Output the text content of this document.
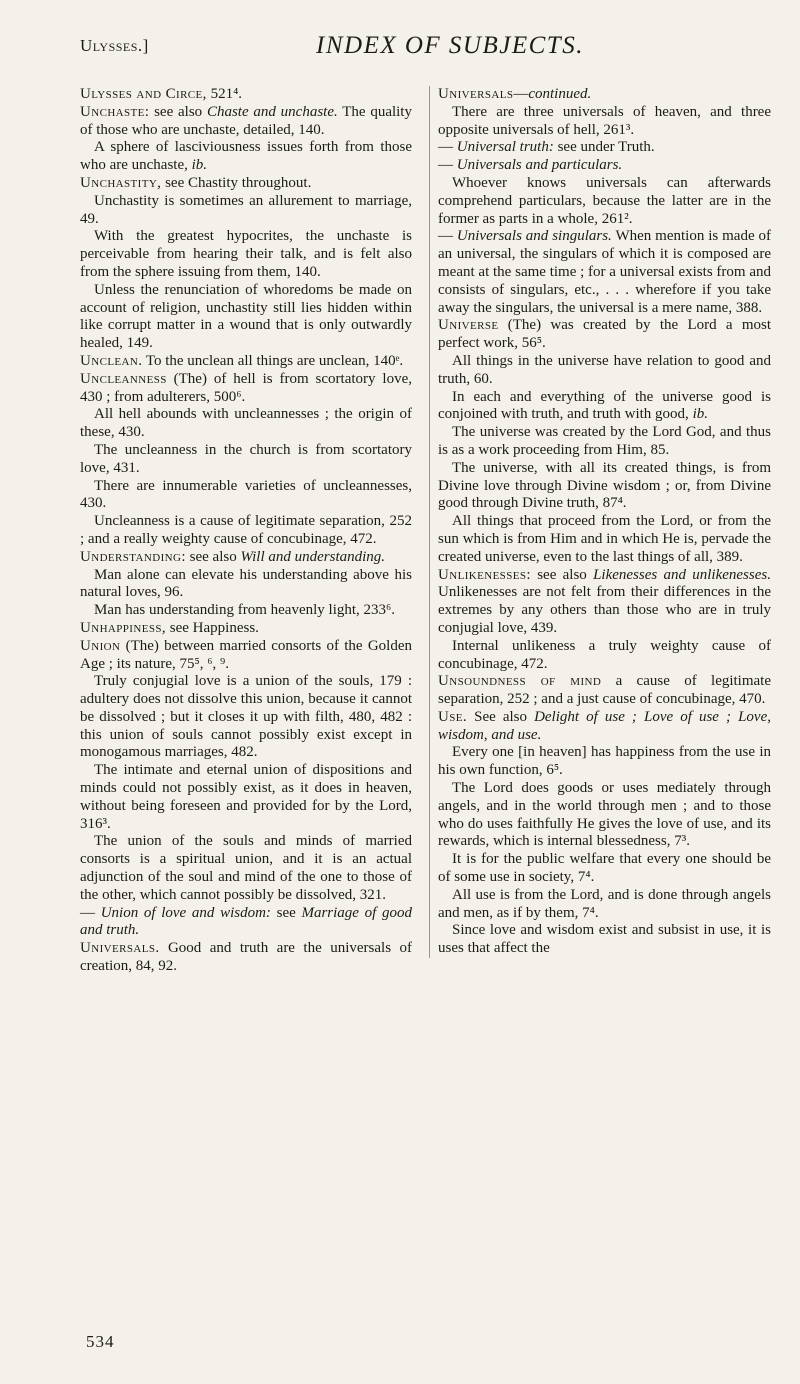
Ulysses.]	INDEX OF SUBJECTS.

Ulysses and Circe, 521⁴.

Unchaste: see also Chaste and unchaste. The quality of those who are unchaste, detailed, 140.

A sphere of lasciviousness issues forth from those who are unchaste, ib.

Unchastity, see Chastity throughout.

Unchastity is sometimes an allurement to marriage, 49.

With the greatest hypocrites, the unchaste is perceivable from hearing their talk, and is felt also from the sphere issuing from them, 140.

Unless the renunciation of whoredoms be made on account of religion, unchastity still lies hidden within like corrupt matter in a wound that is only outwardly healed, 149.

Unclean. To the unclean all things are unclean, 140ᵉ.

Uncleanness (The) of hell is from scortatory love, 430 ; from adulterers, 500⁶.

All hell abounds with uncleannesses ; the origin of these, 430.

The uncleanness in the church is from scortatory love, 431.

There are innumerable varieties of uncleannesses, 430.

Uncleanness is a cause of legitimate separation, 252 ; and a really weighty cause of concubinage, 472.

Understanding: see also Will and understanding.

Man alone can elevate his understanding above his natural loves, 96.

Man has understanding from heavenly light, 233⁶.

Unhappiness, see Happiness.

Union (The) between married consorts of the Golden Age ; its nature, 75⁵, ⁶, ⁹.

Truly conjugial love is a union of the souls, 179 : adultery does not dissolve this union, because it cannot be dissolved ; but it closes it up with filth, 480, 482 : this union of souls cannot possibly exist except in monogamous marriages, 482.

The intimate and eternal union of dispositions and minds could not possibly exist, as it does in heaven, without being foreseen and provided for by the Lord, 316³.

The union of the souls and minds of married consorts is a spiritual union, and it is an actual adjunction of the soul and mind of the one to those of the other, which cannot possibly be dissolved, 321.

— Union of love and wisdom: see Marriage of good and truth.

Universals. Good and truth are the universals of creation, 84, 92.

Universals—continued.

There are three universals of heaven, and three opposite universals of hell, 261³.

— Universal truth: see under Truth.

— Universals and particulars.

Whoever knows universals can afterwards comprehend particulars, because the latter are in the former as parts in a whole, 261².

— Universals and singulars. When mention is made of an universal, the singulars of which it is composed are meant at the same time ; for a universal exists from and consists of singulars, etc., . . . wherefore if you take away the singulars, the universal is a mere name, 388.

Universe (The) was created by the Lord a most perfect work, 56⁵.

All things in the universe have relation to good and truth, 60.

In each and everything of the universe good is conjoined with truth, and truth with good, ib.

The universe was created by the Lord God, and thus is as a work proceeding from Him, 85.

The universe, with all its created things, is from Divine love through Divine wisdom ; or, from Divine good through Divine truth, 87⁴.

All things that proceed from the Lord, or from the sun which is from Him and in which He is, pervade the created universe, even to the last things of all, 389.

Unlikenesses: see also Likenesses and unlikenesses. Unlikenesses are not felt from their differences in the extremes by any others than those who are in truly conjugial love, 439.

Internal unlikeness a truly weighty cause of concubinage, 472.

Unsoundness of mind a cause of legitimate separation, 252 ; and a just cause of concubinage, 470.

Use. See also Delight of use ; Love of use ; Love, wisdom, and use.

Every one [in heaven] has happiness from the use in his own function, 6⁵.

The Lord does goods or uses mediately through angels, and in the world through men ; and to those who do uses faithfully He gives the love of use, and its rewards, which is internal blessedness, 7³.

It is for the public welfare that every one should be of some use in society, 7⁴.

All use is from the Lord, and is done through angels and men, as if by them, 7⁴.

Since love and wisdom exist and subsist in use, it is uses that affect the

534
